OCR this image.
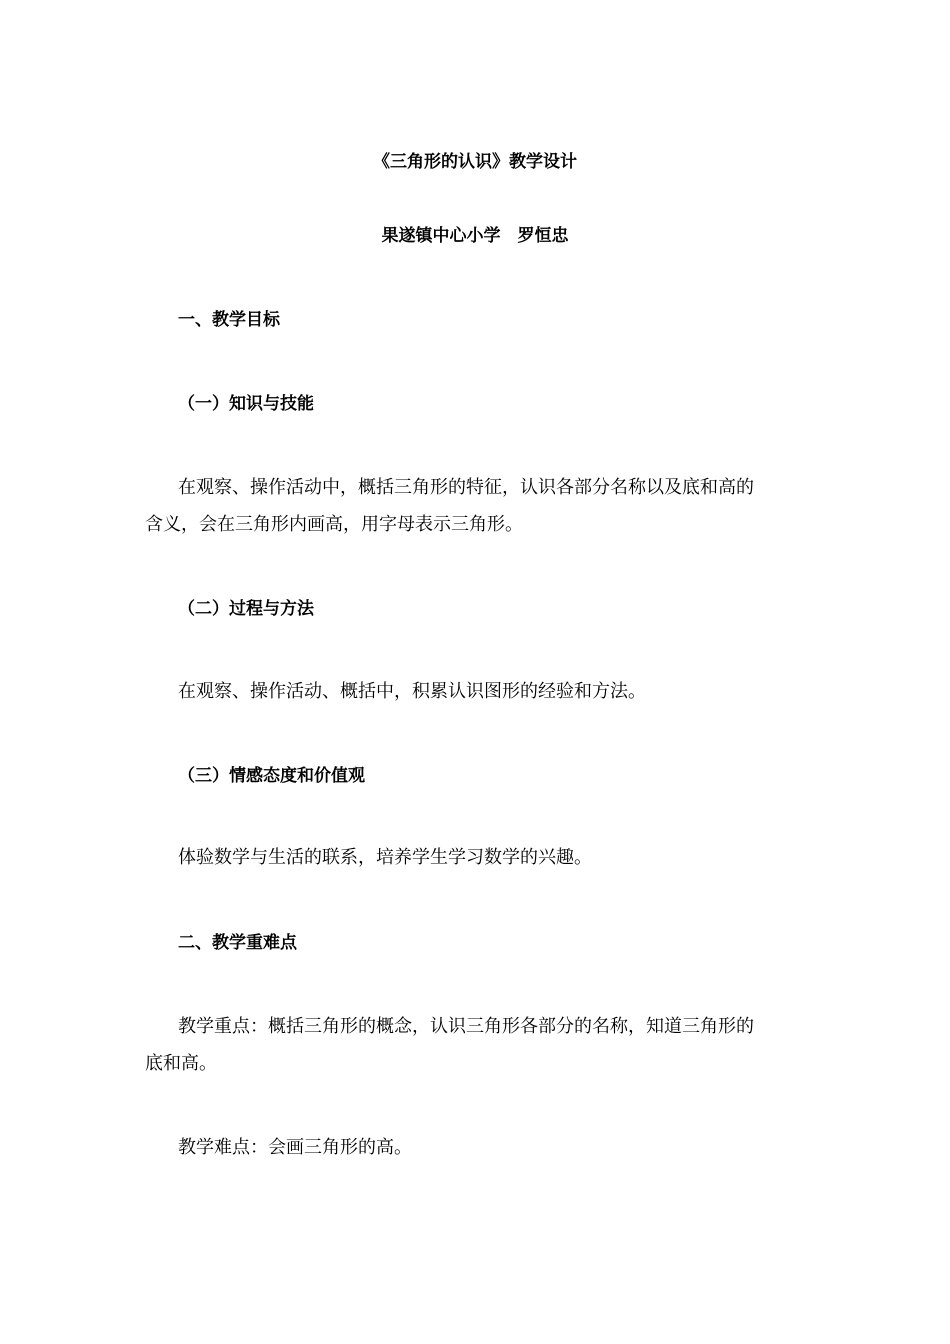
《三角形的认识》教学设计

果遂镇中心小学　罗恒忠

一、教学目标

（一）知识与技能

在观察、操作活动中，概括三角形的特征，认识各部分名称以及底和高的

含义，会在三角形内画高，用字母表示三角形。

（二）过程与方法

在观察、操作活动、概括中，积累认识图形的经验和方法。

（三）情感态度和价值观

体验数学与生活的联系，培养学生学习数学的兴趣。

二、教学重难点

教学重点：概括三角形的概念，认识三角形各部分的名称，知道三角形的

底和高。

教学难点：会画三角形的高。
